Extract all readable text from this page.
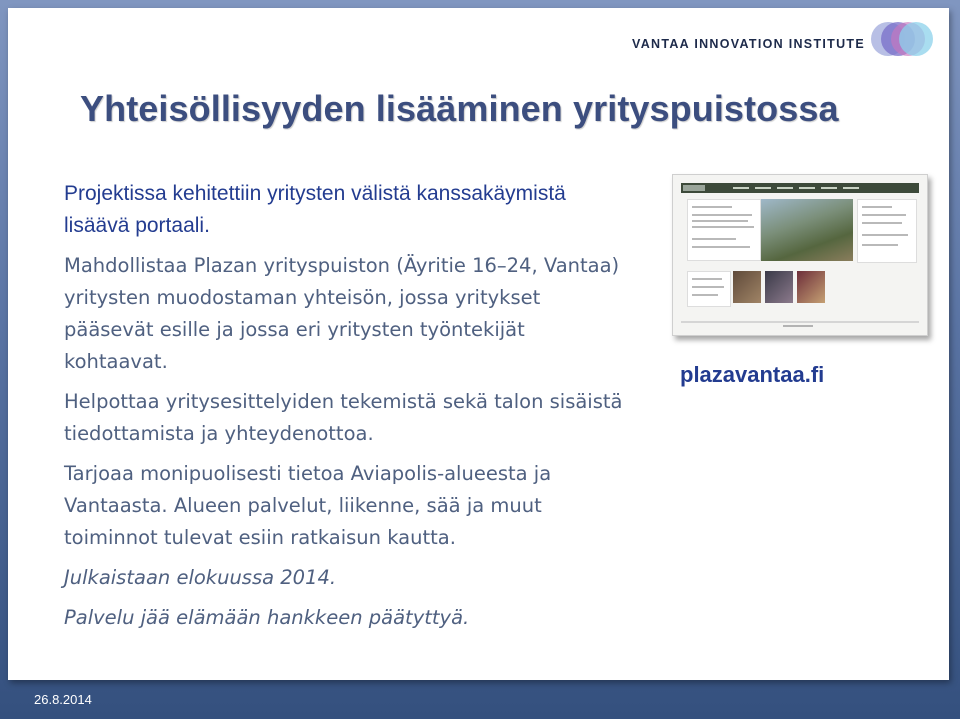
VANTAA INNOVATION INSTITUTE
Yhteisöllisyyden lisääminen yrityspuistossa

Projektissa kehitettiin yritysten välistä kanssakäymistä lisäävä portaali.

Mahdollistaa Plazan yrityspuiston (Äyritie 16–24, Vantaa) yritysten muodostaman yhteisön, jossa yritykset pääsevät esille ja jossa eri yritysten työntekijät kohtaavat.

Helpottaa yritysesittelyiden tekemistä sekä talon sisäistä tiedottamista ja yhteydenottoa.

Tarjoaa monipuolisesti tietoa Aviapolis-alueesta ja Vantaasta. Alueen palvelut, liikenne, sää ja muut toiminnot tulevat esiin ratkaisun kautta.

Julkaistaan elokuussa 2014.

Palvelu jää elämään hankkeen päätyttyä.

plazavantaa.fi
26.8.2014
